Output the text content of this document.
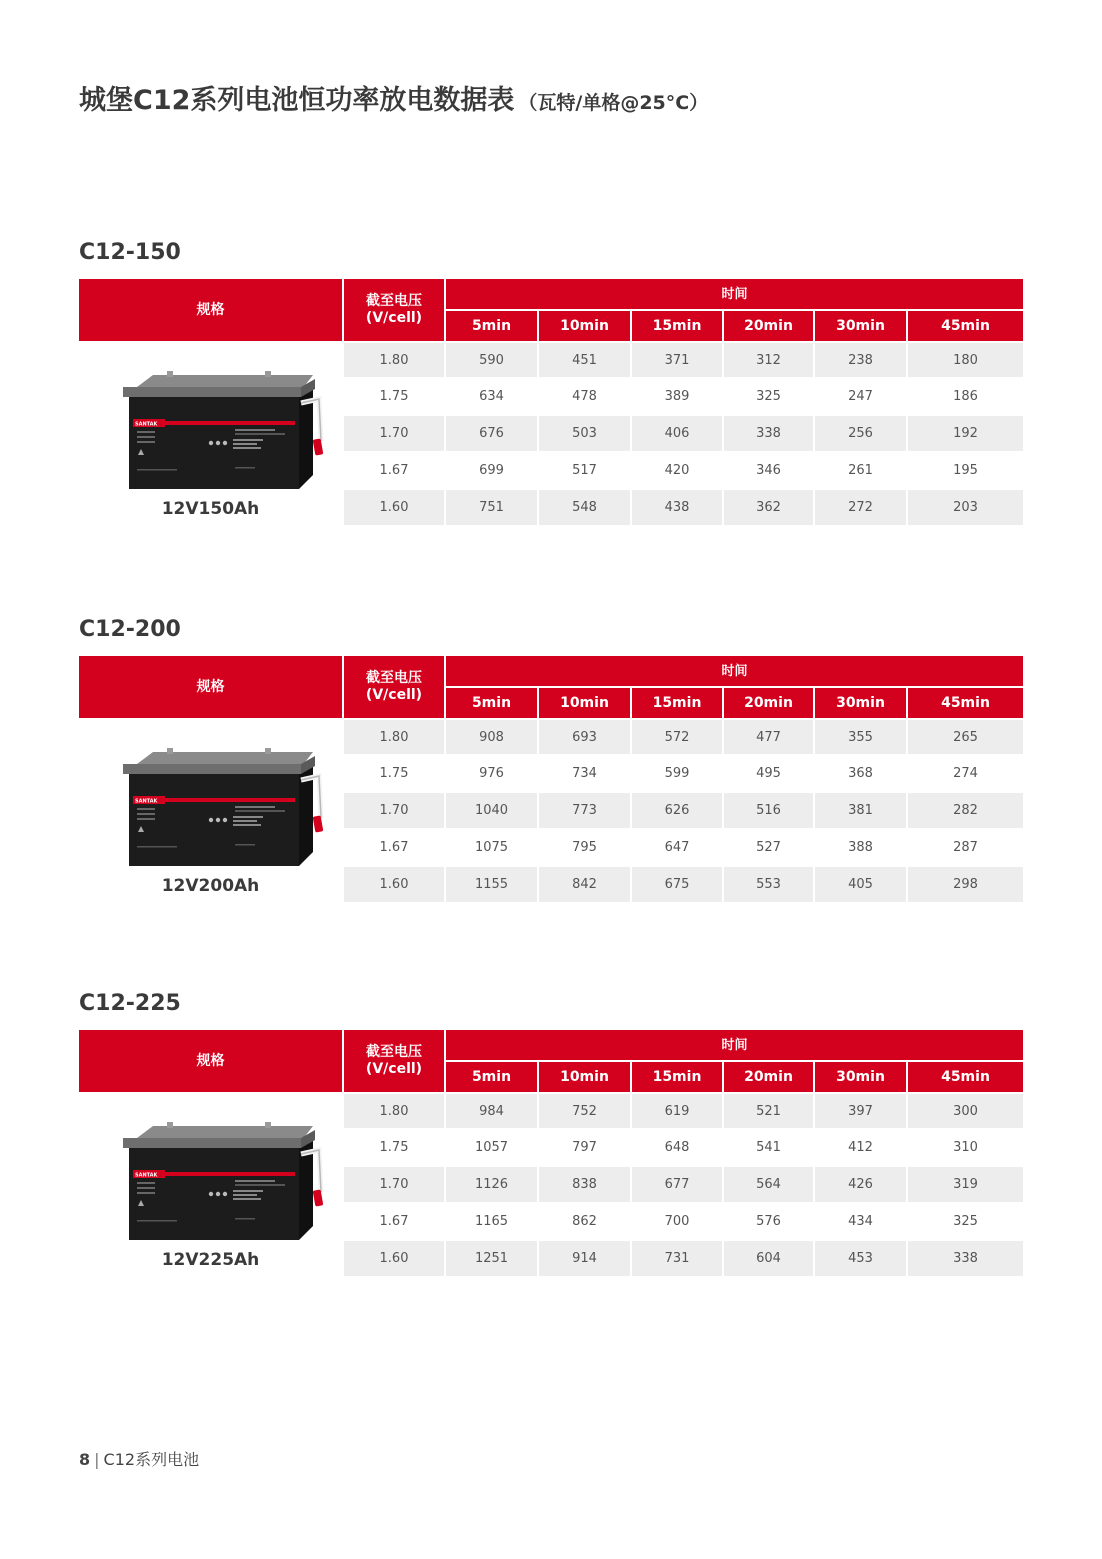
城堡C12系列电池恒功率放电数据表 （瓦特/单格@25°C）
C12-150
规格
截至电压
(V/cell)
时间
5min	10min	15min	20min	30min	45min
1.80	590	451	371	312	238	180
1.75	634	478	389	325	247	186
1.70	676	503	406	338	256	192
1.67	699	517	420	346	261	195
1.60	751	548	438	362	272	203
SANTAK
12V150Ah
C12-200
规格
截至电压
(V/cell)
时间
5min	10min	15min	20min	30min	45min
1.80	908	693	572	477	355	265
1.75	976	734	599	495	368	274
1.70	1040	773	626	516	381	282
1.67	1075	795	647	527	388	287
1.60	1155	842	675	553	405	298
SANTAK
12V200Ah
C12-225
规格
截至电压
(V/cell)
时间
5min	10min	15min	20min	30min	45min
1.80	984	752	619	521	397	300
1.75	1057	797	648	541	412	310
1.70	1126	838	677	564	426	319
1.67	1165	862	700	576	434	325
1.60	1251	914	731	604	453	338
SANTAK
12V225Ah
8 | C12系列电池
